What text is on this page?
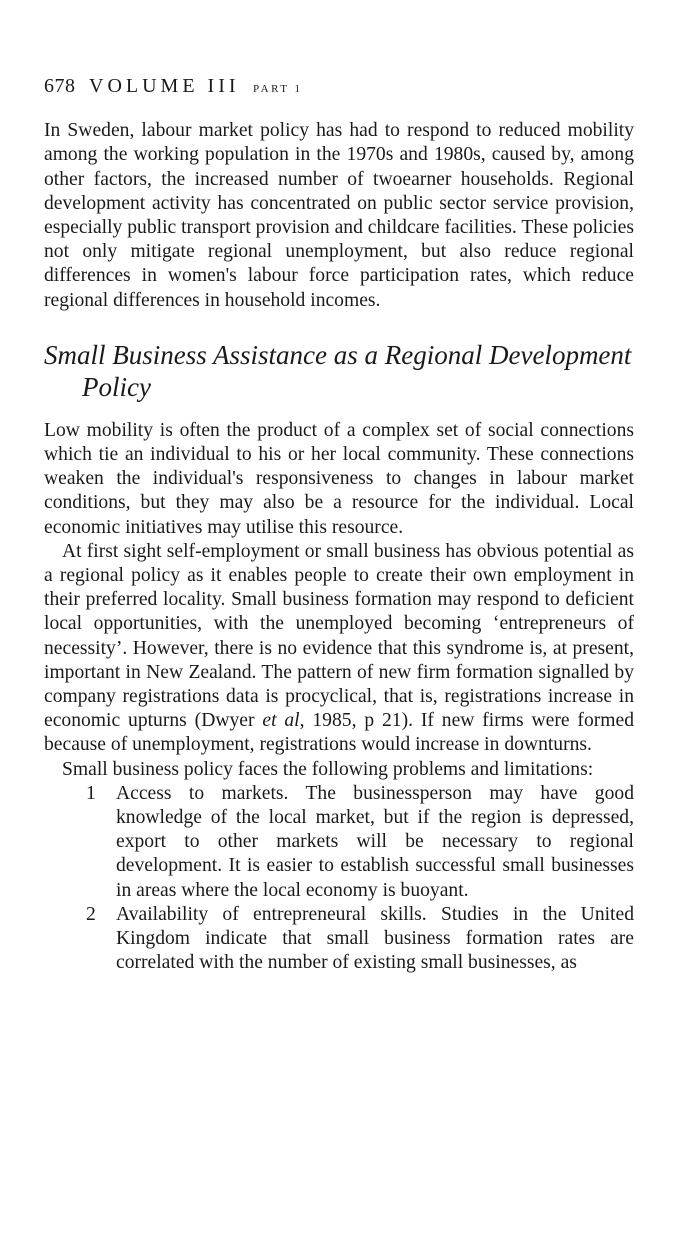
678 VOLUME III PART 1

In Sweden, labour market policy has had to respond to reduced mobility among the working population in the 1970s and 1980s, caused by, among other factors, the increased number of twoearner households. Regional development activity has concentrated on public sector service provision, especially public transport provision and childcare facilities. These policies not only mitigate regional unemployment, but also reduce regional differences in women's labour force participation rates, which reduce regional differences in household incomes.

Small Business Assistance as a Regional Development Policy

Low mobility is often the product of a complex set of social connections which tie an individual to his or her local community. These connections weaken the individual's responsiveness to changes in labour market conditions, but they may also be a resource for the individual. Local economic initiatives may utilise this resource.

At first sight self-employment or small business has obvious potential as a regional policy as it enables people to create their own employment in their preferred locality. Small business formation may respond to deficient local opportunities, with the unemployed becoming ‘entrepreneurs of necessity’. However, there is no evidence that this syndrome is, at present, important in New Zealand. The pattern of new firm formation signalled by company registrations data is procyclical, that is, registrations increase in economic upturns (Dwyer et al, 1985, p 21). If new firms were formed because of unemployment, registrations would increase in downturns.

Small business policy faces the following problems and limitations:

1 Access to markets. The businessperson may have good knowledge of the local market, but if the region is depressed, export to other markets will be necessary to regional development. It is easier to establish successful small businesses in areas where the local economy is buoyant.
2 Availability of entrepreneural skills. Studies in the United Kingdom indicate that small business formation rates are correlated with the number of existing small businesses, as
